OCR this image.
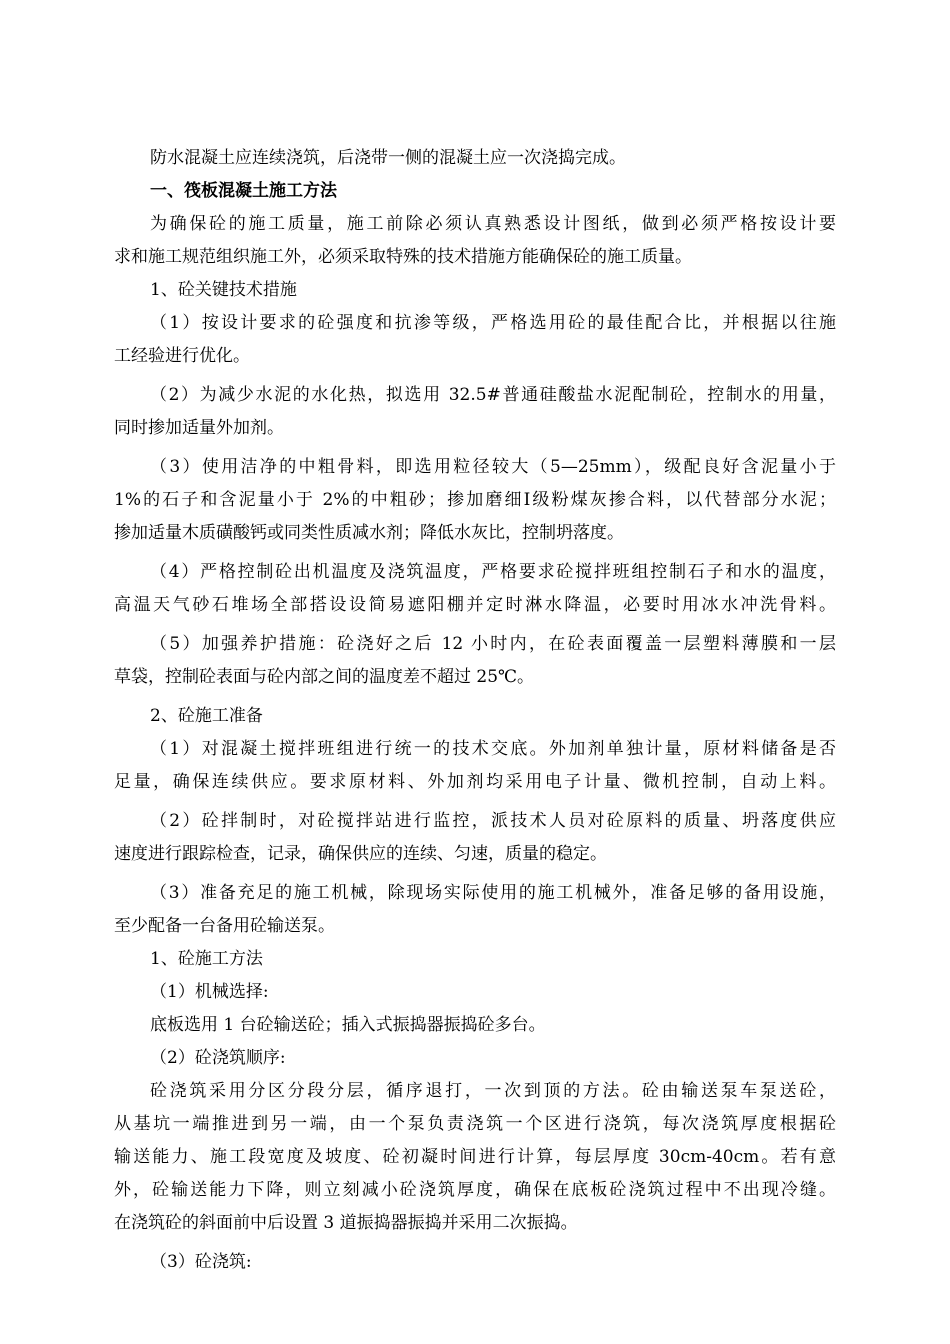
防水混凝土应连续浇筑，后浇带一侧的混凝土应一次浇捣完成。

一、筏板混凝土施工方法

为确保砼的施工质量，施工前除必须认真熟悉设计图纸，做到必须严格按设计要

求和施工规范组织施工外，必须采取特殊的技术措施方能确保砼的施工质量。

1、砼关键技术措施

（1）按设计要求的砼强度和抗渗等级，严格选用砼的最佳配合比，并根据以往施

工经验进行优化。

（2）为减少水泥的水化热，拟选用 32.5#普通硅酸盐水泥配制砼，控制水的用量，

同时掺加适量外加剂。

（3）使用洁净的中粗骨料，即选用粒径较大（5—25mm），级配良好含泥量小于

1%的石子和含泥量小于 2%的中粗砂；掺加磨细Ⅰ级粉煤灰掺合料，以代替部分水泥；

掺加适量木质磺酸钙或同类性质减水剂；降低水灰比，控制坍落度。

（4）严格控制砼出机温度及浇筑温度，严格要求砼搅拌班组控制石子和水的温度，

高温天气砂石堆场全部搭设设简易遮阳棚并定时淋水降温，必要时用冰水冲洗骨料。

（5）加强养护措施：砼浇好之后 12 小时内，在砼表面覆盖一层塑料薄膜和一层

草袋，控制砼表面与砼内部之间的温度差不超过 25℃。

2、砼施工准备

（1）对混凝土搅拌班组进行统一的技术交底。外加剂单独计量，原材料储备是否

足量，确保连续供应。要求原材料、外加剂均采用电子计量、微机控制，自动上料。

（2）砼拌制时，对砼搅拌站进行监控，派技术人员对砼原料的质量、坍落度供应

速度进行跟踪检查，记录，确保供应的连续、匀速，质量的稳定。

（3）准备充足的施工机械，除现场实际使用的施工机械外，准备足够的备用设施，

至少配备一台备用砼输送泵。

1、砼施工方法

（1）机械选择:

底板选用 1 台砼输送砼；插入式振捣器振捣砼多台。

（2）砼浇筑顺序:

砼浇筑采用分区分段分层，循序退打，一次到顶的方法。砼由输送泵车泵送砼，

从基坑一端推进到另一端，由一个泵负责浇筑一个区进行浇筑，每次浇筑厚度根据砼

输送能力、施工段宽度及坡度、砼初凝时间进行计算，每层厚度 30cm-40cm。若有意

外，砼输送能力下降，则立刻减小砼浇筑厚度，确保在底板砼浇筑过程中不出现冷缝。

在浇筑砼的斜面前中后设置 3 道振捣器振捣并采用二次振捣。

（3）砼浇筑:
